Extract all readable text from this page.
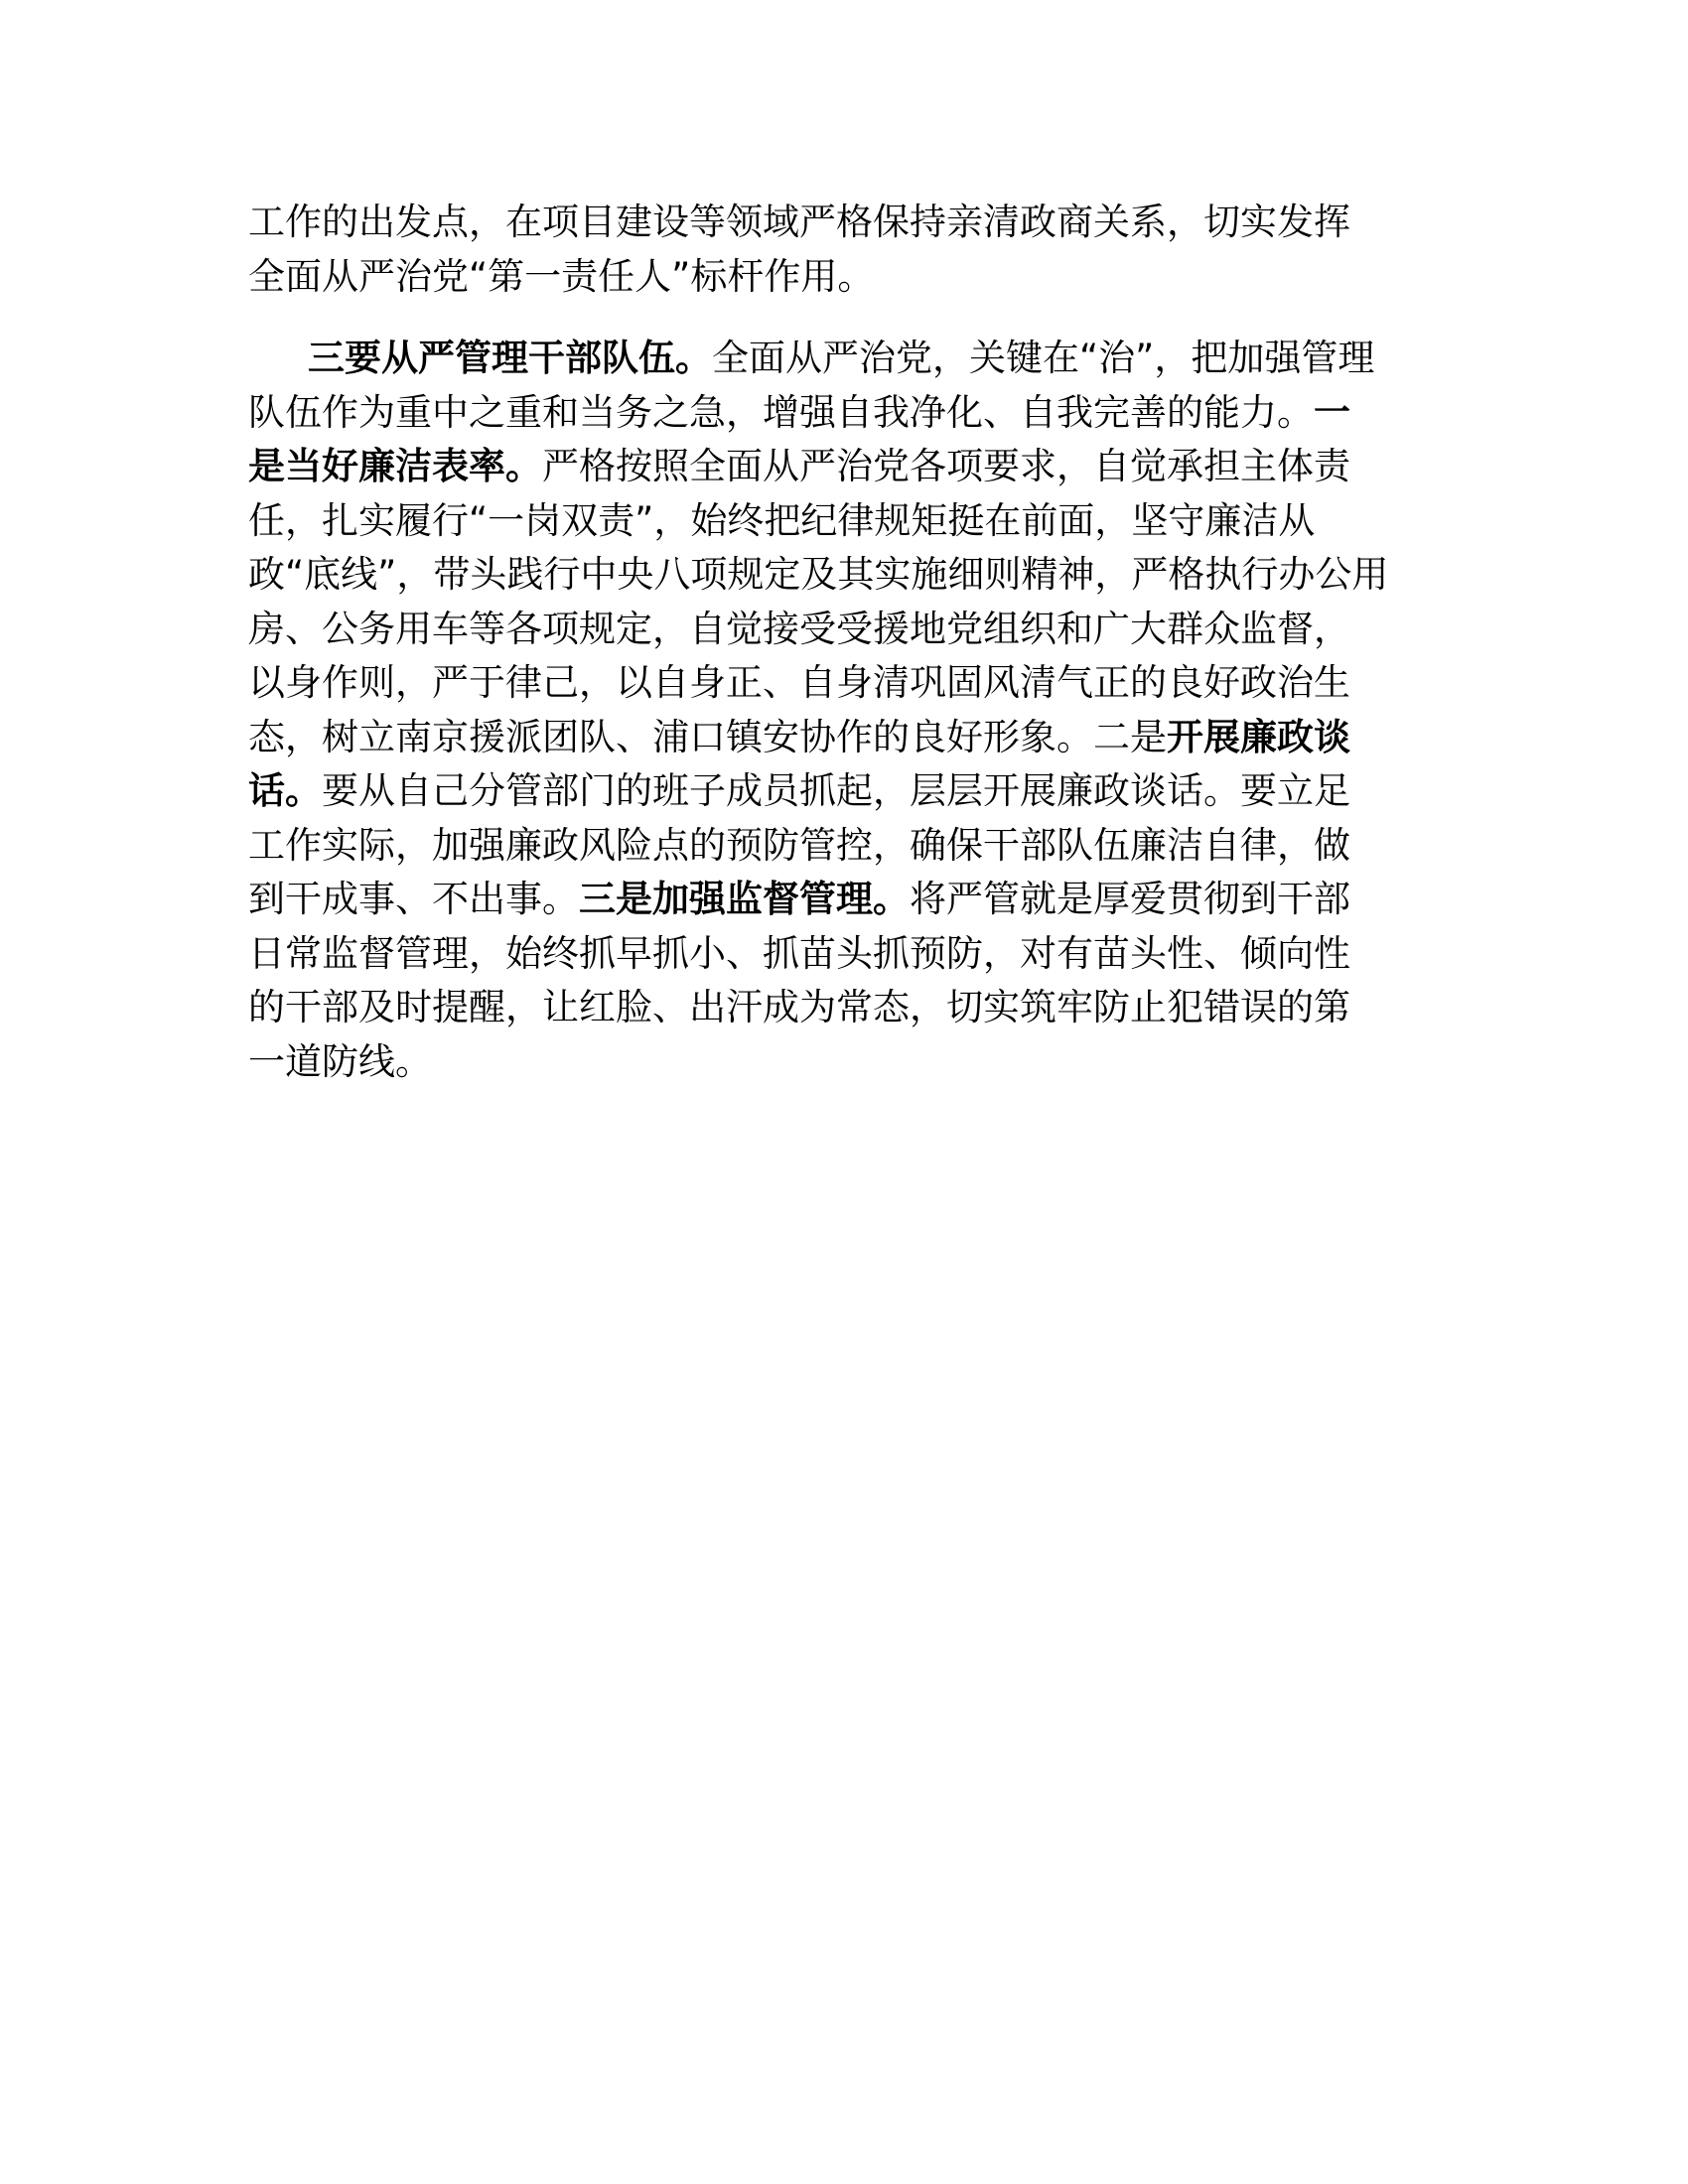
工作的出发点，在项目建设等领域严格保持亲清政商关系，切实发挥
全面从严治党“第一责任人”标杆作用。
三要从严管理干部队伍。全面从严治党，关键在“治”，把加强管理
队伍作为重中之重和当务之急，增强自我净化、自我完善的能力。一
是当好廉洁表率。严格按照全面从严治党各项要求，自觉承担主体责
任，扎实履行“一岗双责”，始终把纪律规矩挺在前面，坚守廉洁从
政“底线”，带头践行中央八项规定及其实施细则精神，严格执行办公用
房、公务用车等各项规定，自觉接受受援地党组织和广大群众监督，
以身作则，严于律己，以自身正、自身清巩固风清气正的良好政治生
态，树立南京援派团队、浦口镇安协作的良好形象。二是开展廉政谈
话。要从自己分管部门的班子成员抓起，层层开展廉政谈话。要立足
工作实际，加强廉政风险点的预防管控，确保干部队伍廉洁自律，做
到干成事、不出事。三是加强监督管理。将严管就是厚爱贯彻到干部
日常监督管理，始终抓早抓小、抓苗头抓预防，对有苗头性、倾向性
的干部及时提醒，让红脸、出汗成为常态，切实筑牢防止犯错误的第
一道防线。
